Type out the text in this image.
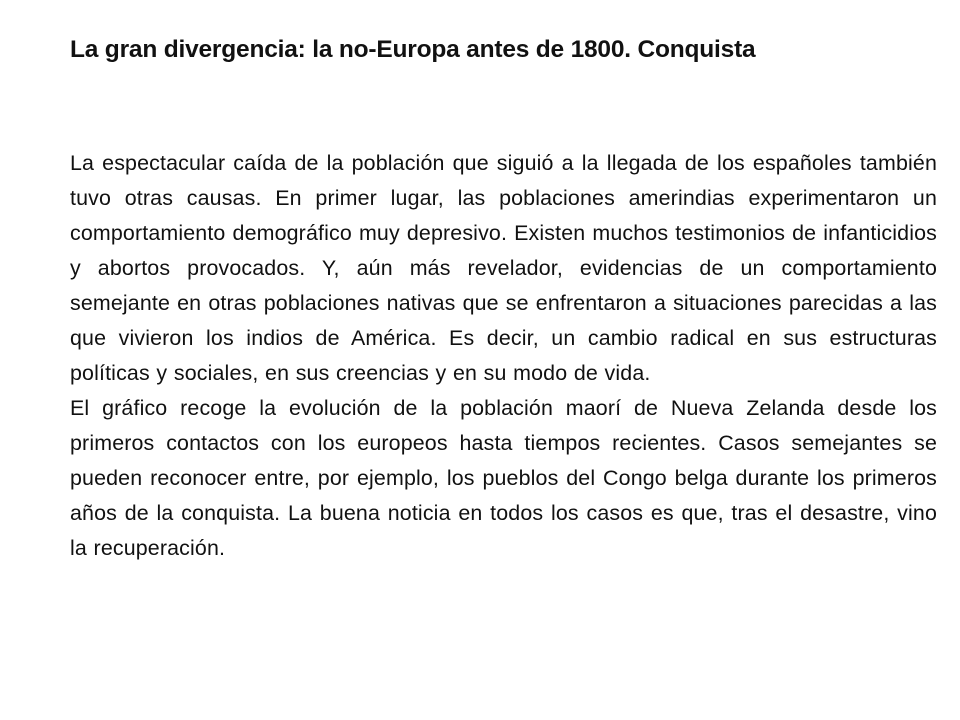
La gran divergencia: la no-Europa antes de 1800. Conquista

La espectacular caída de la población que siguió a la llegada de los españoles también tuvo otras causas. En primer lugar, las poblaciones amerindias experimentaron un comportamiento demográfico muy depresivo. Existen muchos testimonios de infanticidios y abortos provocados. Y, aún más revelador, evidencias de un comportamiento semejante en otras poblaciones nativas que se enfrentaron a situaciones parecidas a las que vivieron los indios de América. Es decir, un cambio radical en sus estructuras políticas y sociales, en sus creencias y en su modo de vida.

El gráfico recoge la evolución de la población maorí de Nueva Zelanda desde los primeros contactos con los europeos hasta tiempos recientes. Casos semejantes se pueden reconocer entre, por ejemplo, los pueblos del Congo belga durante los primeros años de la conquista. La buena noticia en todos los casos es que, tras el desastre, vino la recuperación.
